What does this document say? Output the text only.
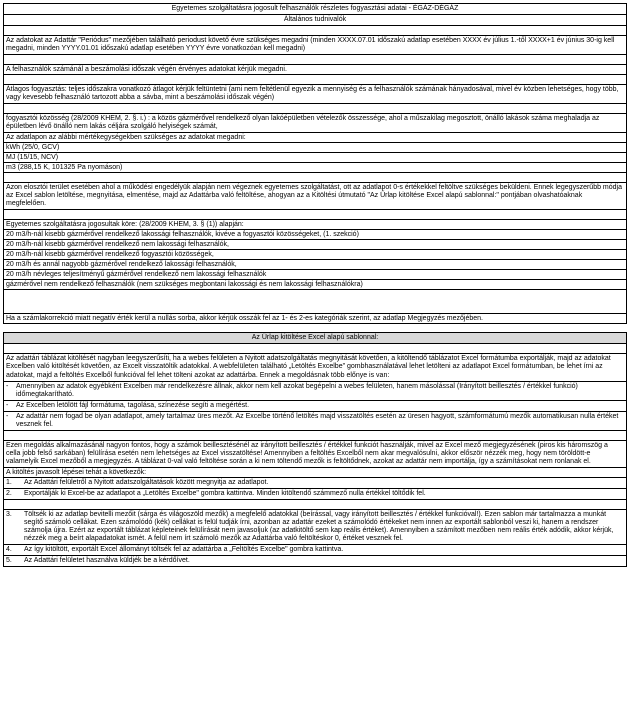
Egyetemes szolgáltatásra jogosult felhasználók részletes fogyasztási adatai - ÉGÁZ-DÉGÁZ
Általános tudnivalók
Az adatokat az Adattár "Periódus" mezőjében található periodust követő évre szükséges megadni (minden XXXX.07.01 időszakú adatlap esetében XXXX év július 1.-től XXXX+1 év június 30-ig kell megadni, minden YYYY.01.01 időszakú adatlap esetében YYYY évre vonatkozóan kell megadni)
A felhasználók számánál a beszámolási időszak végén érvényes adatokat kérjük megadni.
Átlagos fogyasztás: teljes időszakra vonatkozó átlagot kérjük feltüntetni (ami nem feltétlenül egyezik a mennyiség és a felhasználók számának hányadosával, mivel év közben lehetséges, hogy több, vagy kevesebb felhasználó tartozott abba a sávba, mint a beszámolási időszak végén)
fogyasztói közösség (28/2009 KHEM, 2. §. i.) : a közös gázmérővel rendelkező olyan lakóépületben vételezők összessége, ahol a műszakilag megosztott, önálló lakások száma meghaladja az épületben lévő önálló nem lakás céljára szolgáló helyiségek számát,
Az adatlapon az alábbi mértékegységekben szükséges az adatokat megadni:
kWh (25/0, GCV)
MJ (15/15, NCV)
m3 (288,15 K, 101325 Pa nyomáson)
Azon elosztói terület esetében ahol a működési engedélyük alapján nem végeznek egyetemes szolgáltatást, ott az adatlapot 0-s értékekkel feltöltve szükséges beküldeni. Ennek legegyszerűbb módja az Excel sablon letöltése, megnyitása, elmentése, majd az Adattárba való feltöltése, ahogyan az a Kitöltési útmutató "Az Űrlap kitöltése Excel alapú sablonnal:" pontjában olvashatóaknak megfelelően.
Egyetemes szolgáltatásra jogosultak köre: (28/2009 KHEM, 3. § (1)) alapján:
20 m3/h-nál kisebb gázmérővel rendelkező lakossági felhasználók, kivéve a fogyasztói közösségeket, (1. szekció)
20 m3/h-nál kisebb gázmérővel rendelkező nem lakossági felhasználók,
20 m3/h-nál kisebb gázmérővel rendelkező fogyasztói közösségek,
20 m3/h és annál nagyobb gázmérővel rendelkező lakossági felhasználók,
20 m3/h névleges teljesítményű gázmérővel rendelkező nem lakossági felhasználók
gázmérővel nem rendelkező felhasználók (nem szükséges megbontani lakossági és nem lakossági felhasználókra)
Ha a számlakorrekció miatt negatív érték kerül a nullás sorba, akkor kérjük osszák fel az 1- és 2-es kategóriák szerint, az adatlap Megjegyzés mezőjében.
Az Űrlap kitöltése Excel alapú sablonnal:
Az adattári táblázat kitöltését nagyban leegyszerűsíti, ha a webes felületen a Nyitott adatszolgáltatás megnyitását követően, a kitöltendő táblázatot Excel formátumba exportálják, majd az adatokat Excelben való kitöltését követően, az Excelt visszatöltik adatokkal. A webfelületen található „Letöltés Excelbe" gombhasználatával lehet letölteni az adatlapot Excel formátumban, be lehet írni az adatokat, majd a feltöltés Excelből funkcióval fel lehet tölteni azokat az adattárba. Ennek a megoldásnak több előnye is van:
-	Amennyiben az adatok egyébként Excelben már rendelkezésre állnak, akkor nem kell azokat begépelni a webes felületen, hanem másolással (Irányított beillesztés / értékkel funkció) időmegtakarítható.
-	Az Excelben letölött fájl formátuma, tagolása, színezése segíti a megértést.
-	Az adattár nem fogad be olyan adatlapot, amely tartalmaz üres mezőt. Az Excelbe történő letöltés majd visszatöltés esetén az üresen hagyott, számformátumú mezők automatikusan nulla értéket vesznek fel.
Ezen megoldás alkalmazásánál nagyon fontos, hogy a számok beillesztésénél az irányított beillesztés / értékkel funkciót használják, mivel az Excel mező megjegyzésének (piros kis háromszög a cella jobb felső sarkában) felülírása esetén nem lehetséges az Excel visszatöltése! Amennyiben a feltöltés Excelből nem akar megvalósulni, akkor először nézzék meg, hogy nem töröldött-e valamelyik Excel mezőből a megjegyzés. A táblázat 0-val való feltöltése során a ki nem töltendő mezők is feltöltődnek, azokat az adattár nem importálja, így a számításokat nem ronlanak el.
A kitöltés javasolt lépései tehát a következők:
1.	Az Adattári felületről a Nyitott adatszolgáltatások között megnyitja az adatlapot.
2.	Exportálják ki Excel-be az adatlapot a „Letöltés Excelbe" gombra kattintva. Minden kitöltendő számmező nulla értékkel töltődik fel.
3.	Töltsék ki az adatlap bevitelli mezőit (sárga és világoszöld mezők) a megfelelő adatokkal (beírással, vagy irányított beillesztés / értékkel funkcióval!). Ezen sablon már tartalmazza a munkát segítő számoló cellákat. Ezen számolódó (kék) cellákat is felül tudják írni, azonban az adattár ezeket a számolódó értékeket nem innen az exportált sablonból veszi ki, hanem a rendszer számolja újra. Ezért az exportált táblázat képleteinek felülírását nem javasoljuk (az adatkitöltő sem kap reális értéket). Amennyiben a számított mezőben nem reális érték adódik, akkor kérjük, nézzék meg a beírt alapadatokat ismét. A felül nem írt számoló mezők az Adattárba való feltöltéskor 0, értéket vesznek fel.
4.	Az így kitöltött, exportált Excel állományt töltsék fel az adattárba a „Feltöltés Excelbe" gombra kattintva.
5.	Az Adattári felületet használva küldjék be a kérdőívet.
